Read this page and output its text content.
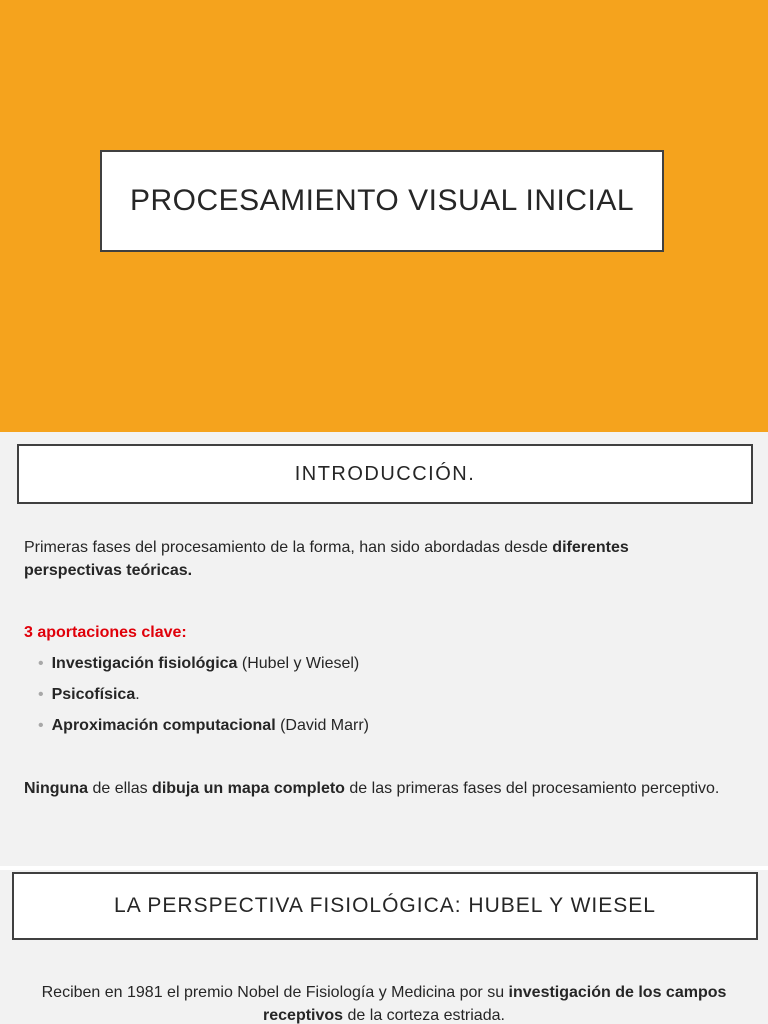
PROCESAMIENTO VISUAL INICIAL
INTRODUCCIÓN.
Primeras fases del procesamiento de la forma, han sido abordadas desde diferentes perspectivas teóricas.
3 aportaciones clave:
• Investigación fisiológica (Hubel y Wiesel)
• Psicofísica.
• Aproximación computacional (David Marr)
Ninguna de ellas dibuja un mapa completo de las primeras fases del procesamiento perceptivo.
LA PERSPECTIVA FISIOLÓGICA: HUBEL Y WIESEL
Reciben en 1981 el premio Nobel de Fisiología y Medicina por su investigación de los campos receptivos de la corteza estriada.
